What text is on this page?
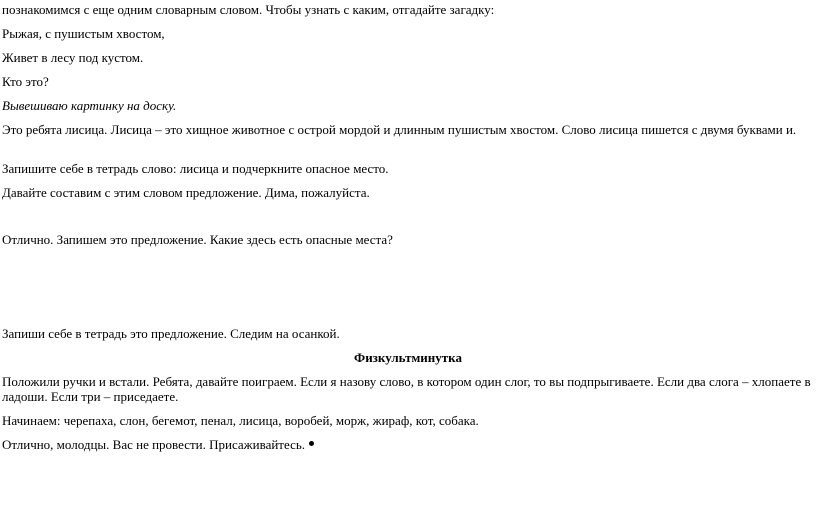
познакомимся с еще одним словарным словом. Чтобы узнать с каким, отгадайте загадку:

Рыжая, с пушистым хвостом,

Живет в лесу под кустом.

Кто это?

Вывешиваю картинку на доску.

Это ребята лисица. Лисица – это хищное животное с острой мордой и длинным пушистым хвостом. Слово лисица пишется с двумя буквами и.

Запишите себе в тетрадь слово: лисица и подчеркните опасное место.

Давайте составим с этим словом предложение. Дима, пожалуйста.

Отлично. Запишем это предложение. Какие здесь есть опасные места?

Запиши себе в тетрадь это предложение. Следим на осанкой.

Физкультминутка

Положили ручки и встали. Ребята, давайте поиграем. Если я назову слово, в котором один слог, то вы подпрыгиваете. Если два слога – хлопаете в ладоши. Если три – приседаете.

Начинаем: черепаха, слон, бегемот, пенал, лисица, воробей, морж, жираф, кот, собака.

Отлично, молодцы. Вас не провести. Присаживайтесь.
